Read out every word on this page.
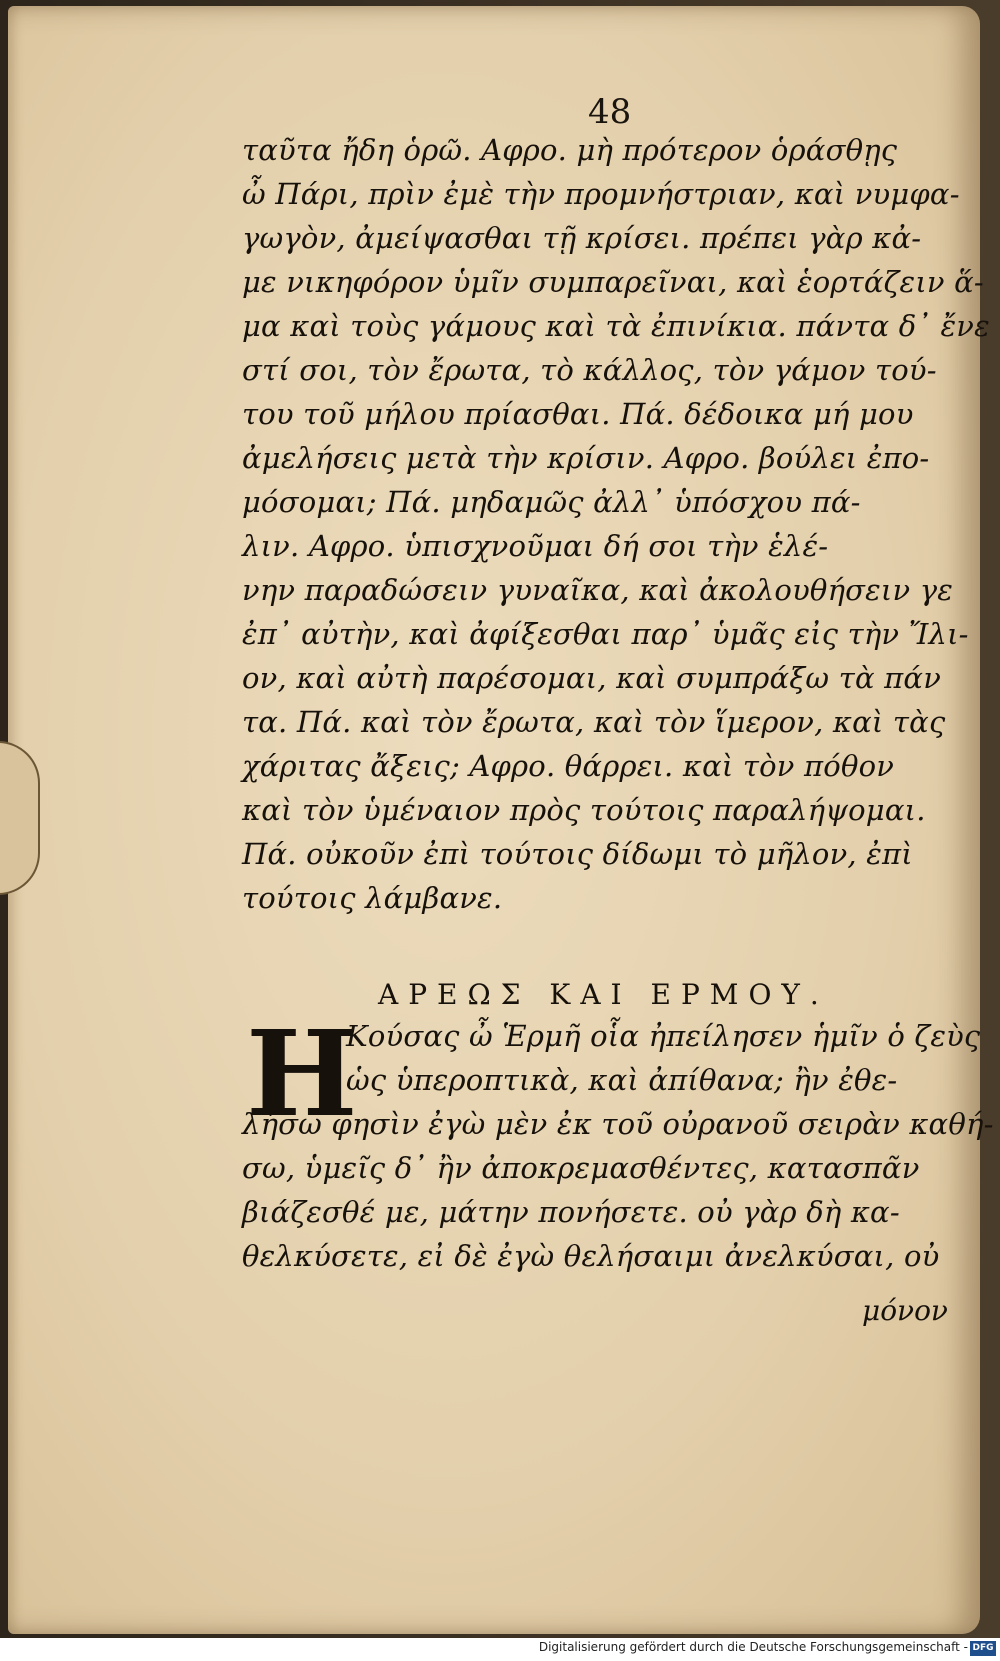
48
ταῦτα ἤδη ὁρῶ. Αφρο. μὴ πρότερον ὁράσθῃς
ὦ Πάρι, πρὶν ἐμὲ τὴν προμνήστριαν, καὶ νυμφα-
γωγὸν, ἀμείψασθαι τῇ κρίσει. πρέπει γὰρ κἀ-
με νικηφόρον ὑμῖν συμπαρεῖναι, καὶ ἑορτάζειν ἅ-
μα καὶ τοὺς γάμους καὶ τὰ ἐπινίκια. πάντα δ᾽ ἔνε
στί σοι, τὸν ἔρωτα, τὸ κάλλος, τὸν γάμον τού-
του τοῦ μήλου πρίασθαι. Πά. δέδοικα μή μου
ἀμελήσεις μετὰ τὴν κρίσιν. Αφρο. βούλει ἐπο-
μόσομαι; Πά. μηδαμῶς ἀλλ᾽ ὑπόσχου πά-
λιν. Αφρο. ὑπισχνοῦμαι δή σοι τὴν ἑλέ-
νην παραδώσειν γυναῖκα, καὶ ἀκολουθήσειν γε
ἐπ᾽ αὐτὴν, καὶ ἀφίξεσθαι παρ᾽ ὑμᾶς εἰς τὴν Ἴλι-
ον, καὶ αὐτὴ παρέσομαι, καὶ συμπράξω τὰ πάν
τα. Πά. καὶ τὸν ἔρωτα, καὶ τὸν ἵμερον, καὶ τὰς
χάριτας ἄξεις; Αφρο. θάρρει. καὶ τὸν πόθον
καὶ τὸν ὑμέναιον πρὸς τούτοις παραλήψομαι.
Πά. οὐκοῦν ἐπὶ τούτοις δίδωμι τὸ μῆλον, ἐπὶ
τούτοις λάμβανε.
ΑΡΕΩΣ ΚΑΙ ΕΡΜΟΥ.
H
Κούσας ὦ Ἑρμῆ οἷα ἠπείλησεν ἡμῖν ὁ ζεὺς
ὡς ὑπεροπτικὰ, καὶ ἀπίθανα; ἢν ἐθε-
λήσω φησὶν ἐγὼ μὲν ἐκ τοῦ οὐρανοῦ σειρὰν καθή-
σω, ὑμεῖς δ᾽ ἢν ἀποκρεμασθέντες, κατασπᾶν
βιάζεσθέ με, μάτην πονήσετε. οὐ γὰρ δὴ κα-
θελκύσετε, εἰ δὲ ἐγὼ θελήσαιμι ἀνελκύσαι, οὐ
μόνον
Digitalisierung gefördert durch die Deutsche Forschungsgemeinschaft - DFG
